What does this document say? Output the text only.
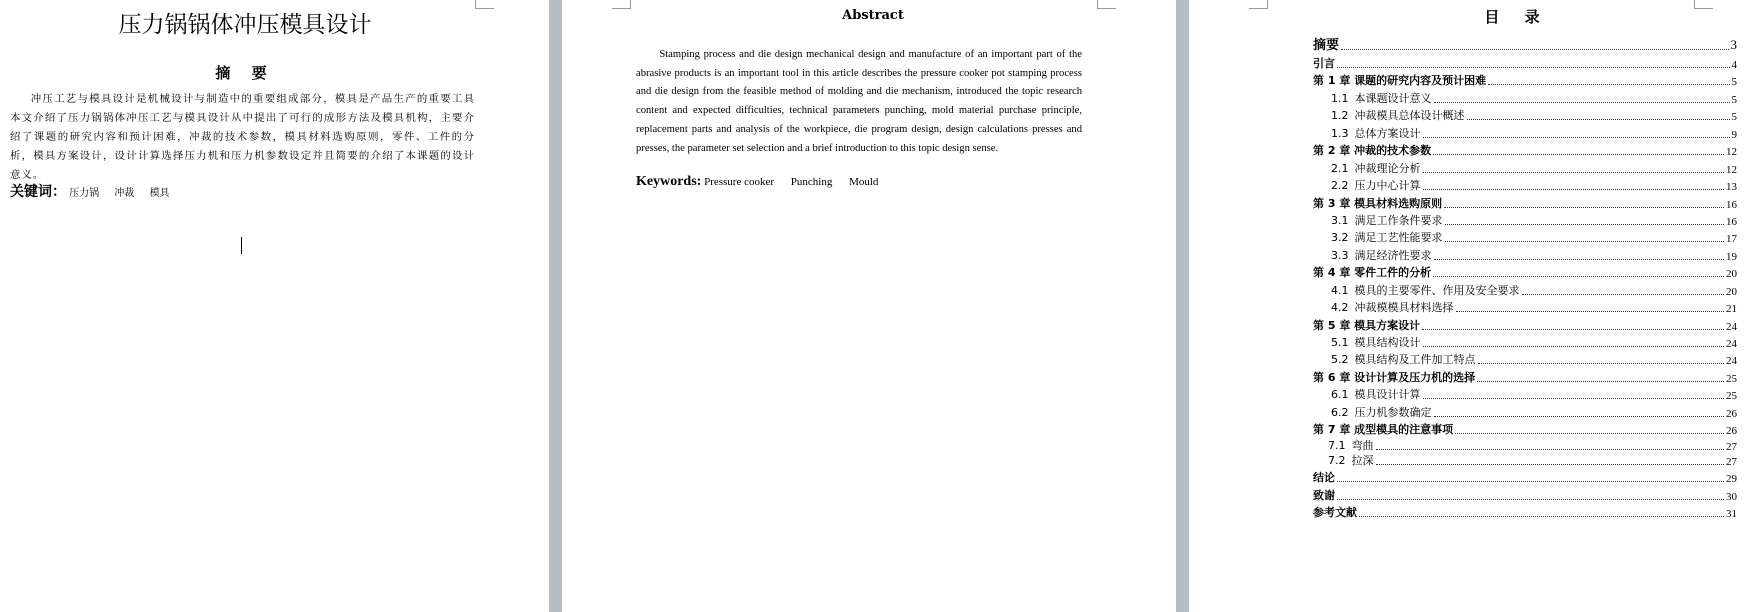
压力锅锅体冲压模具设计
摘 要
冲压工艺与模具设计是机械设计与制造中的重要组成部分，模具是产品生产的重要工具本文介绍了压力锅锅体冲压工艺与模具设计从中提出了可行的成形方法及模具机构，主要介绍了课题的研究内容和预计困难，冲裁的技术参数，模具材料选购原则，零件、工件的分析，模具方案设计，设计计算选择压力机和压力机参数设定并且简要的介绍了本课题的设计意义。
关键词： 压力锅 冲裁 模具
Abstract
Stamping process and die design mechanical design and manufacture of an important part of the abrasive products is an important tool in this article describes the pressure cooker pot stamping process and die design from the feasible method of molding and die mechanism, introduced the topic research content and expected difficulties, technical parameters punching, mold material purchase principle, replacement parts and analysis of the workpiece, die program design, design calculations presses and presses, the parameter set selection and a brief introduction to this topic design sense.
Keywords: Pressure cooker Punching Mould
目 录
摘要	3
引言	4
第 1 章 课题的研究内容及预计困难	5
1.1 本课题设计意义	5
1.2 冲裁模具总体设计概述	5
1.3 总体方案设计	9
第 2 章 冲裁的技术参数	12
2.1 冲裁理论分析	12
2.2 压力中心计算	13
第 3 章 模具材料选购原则	16
3.1 满足工作条件要求	16
3.2 满足工艺性能要求	17
3.3 满足经济性要求	19
第 4 章 零件工件的分析	20
4.1 模具的主要零件、作用及安全要求	20
4.2 冲裁模模具材料选择	21
第 5 章 模具方案设计	24
5.1 模具结构设计	24
5.2 模具结构及工件加工特点	24
第 6 章 设计计算及压力机的选择	25
6.1 模具设计计算	25
6.2 压力机参数确定	26
第 7 章 成型模具的注意事项	26
7.1 弯曲	27
7.2 拉深	27
结论	29
致谢	30
参考文献	31
